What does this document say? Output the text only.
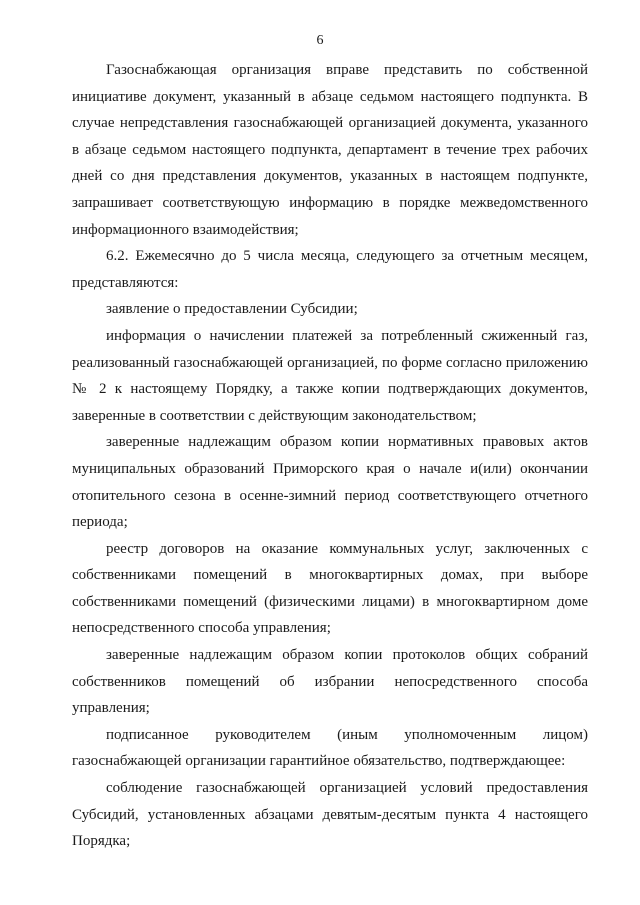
6

Газоснабжающая организация вправе представить по собственной инициативе документ, указанный в абзаце седьмом настоящего подпункта. В случае непредставления газоснабжающей организацией документа, указанного в абзаце седьмом настоящего подпункта, департамент в течение трех рабочих дней со дня представления документов, указанных в настоящем подпункте, запрашивает соответствующую информацию в порядке межведомственного информационного взаимодействия;

6.2. Ежемесячно до 5 числа месяца, следующего за отчетным месяцем, представляются:

заявление о предоставлении Субсидии;

информация о начислении платежей за потребленный сжиженный газ, реализованный газоснабжающей организацией, по форме согласно приложению № 2 к настоящему Порядку, а также копии подтверждающих документов, заверенные в соответствии с действующим законодательством;

заверенные надлежащим образом копии нормативных правовых актов муниципальных образований Приморского края о начале и(или) окончании отопительного сезона в осенне-зимний период соответствующего отчетного периода;

реестр договоров на оказание коммунальных услуг, заключенных с собственниками помещений в многоквартирных домах, при выборе собственниками помещений (физическими лицами) в многоквартирном доме непосредственного способа управления;

заверенные надлежащим образом копии протоколов общих собраний собственников помещений об избрании непосредственного способа управления;

подписанное руководителем (иным уполномоченным лицом) газоснабжающей организации гарантийное обязательство, подтверждающее:

соблюдение газоснабжающей организацией условий предоставления Субсидий, установленных абзацами девятым-десятым пункта 4 настоящего Порядка;
